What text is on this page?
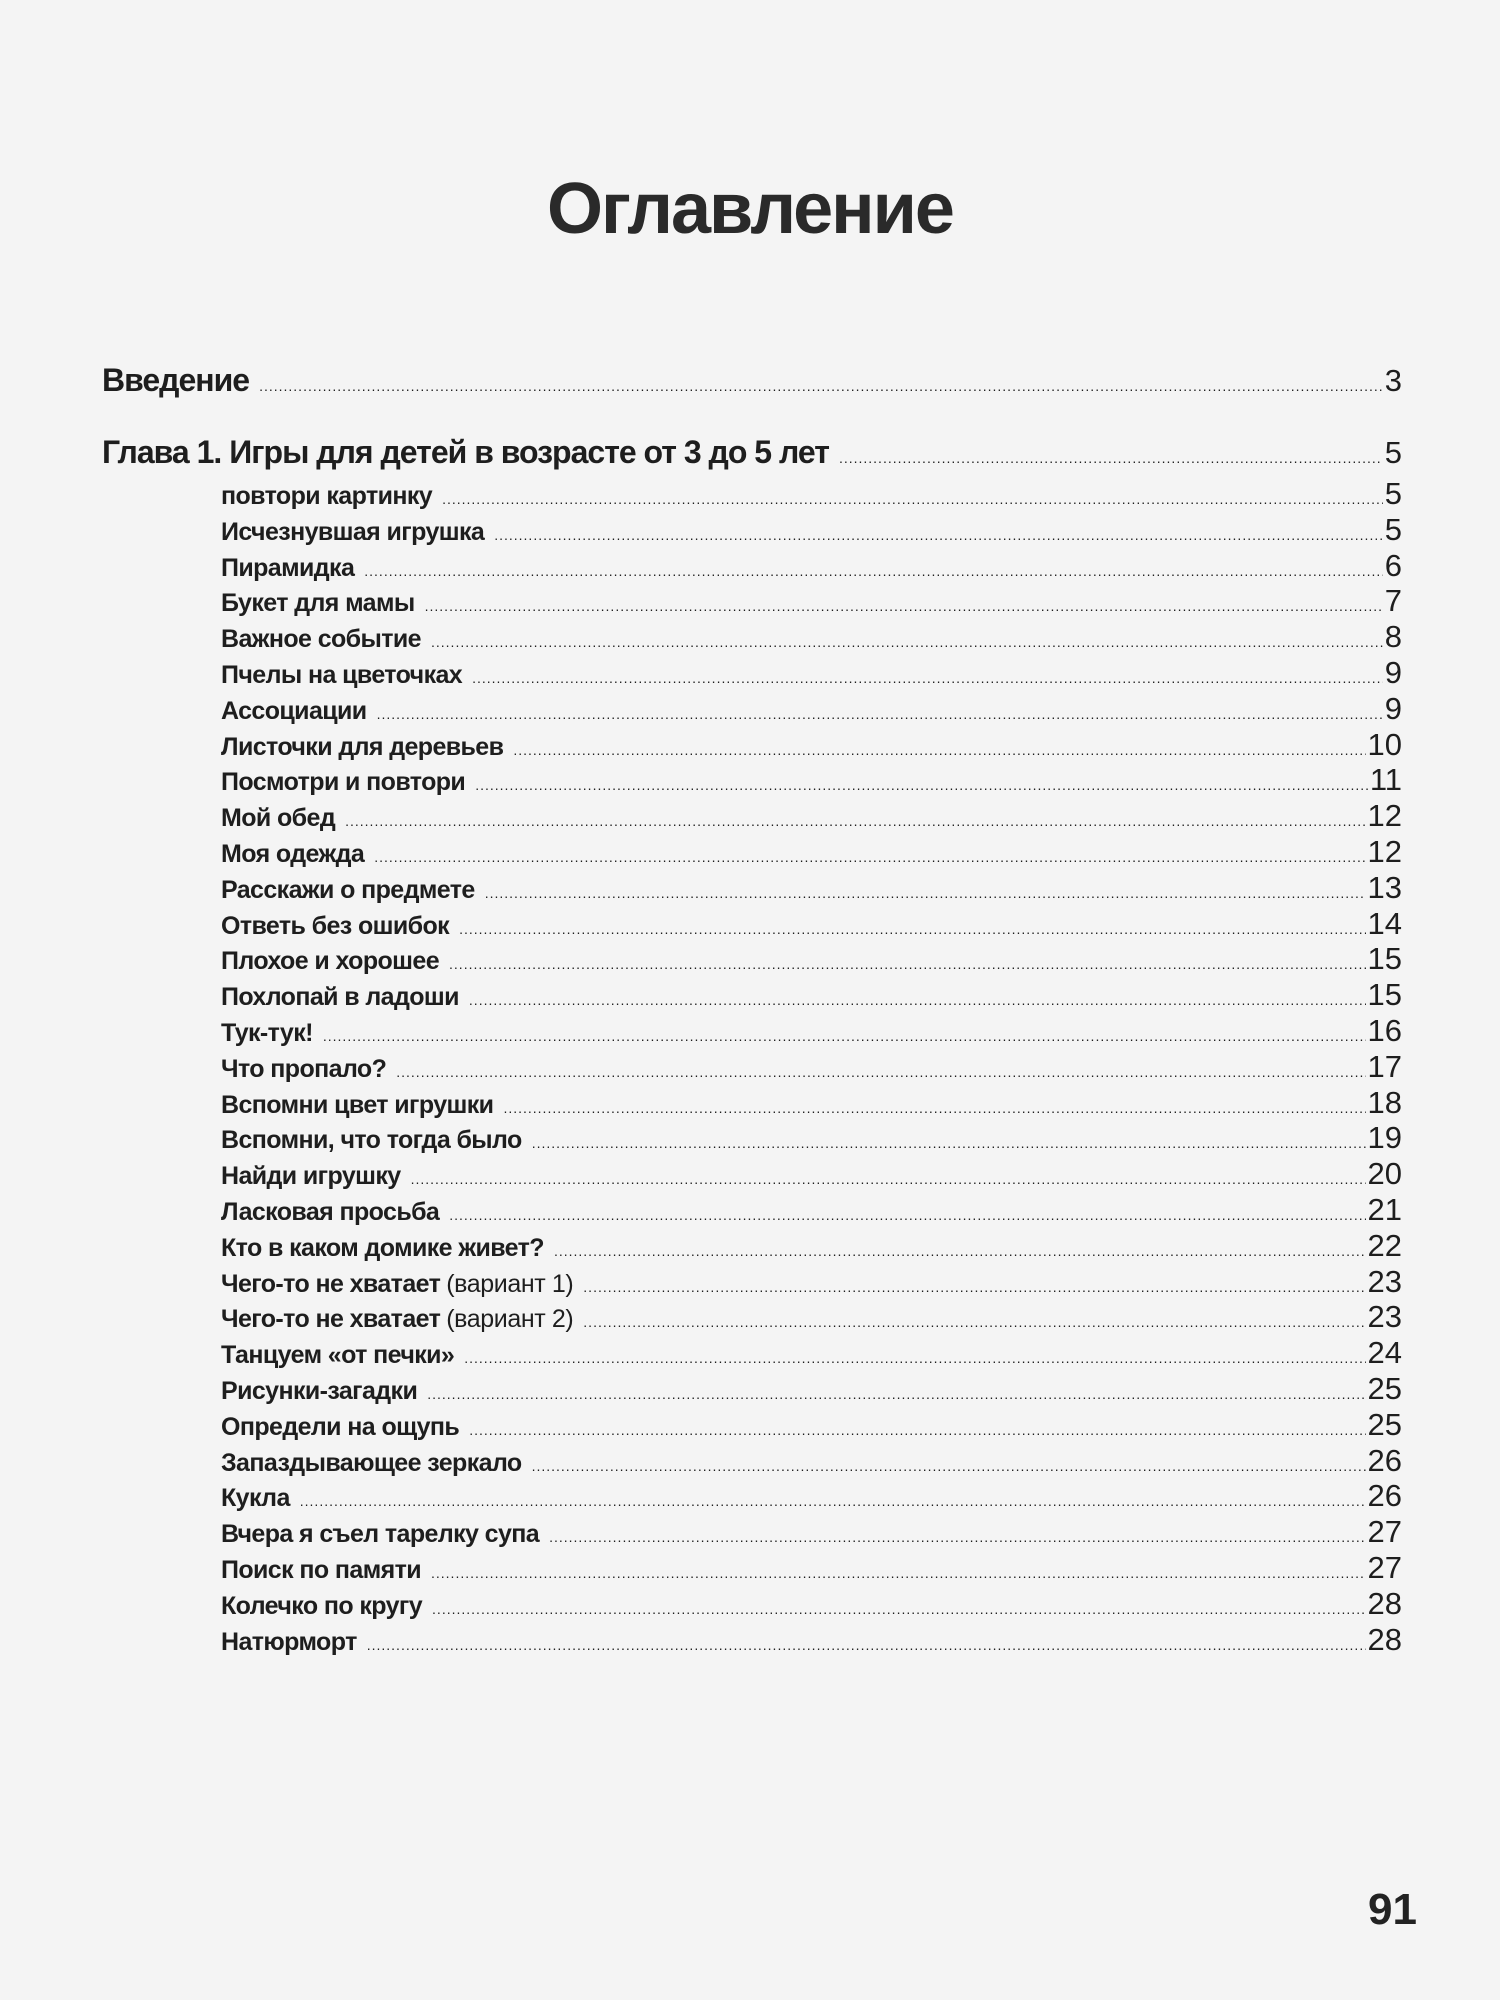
Оглавление
Введение .....	3
Глава 1. Игры для детей в возрасте от 3 до 5 лет .....	5
повтори картинку .....	5
Исчезнувшая игрушка .....	5
Пирамидка .....	6
Букет для мамы .....	7
Важное событие .....	8
Пчелы на цветочках .....	9
Ассоциации .....	9
Листочки для деревьев .....	10
Посмотри и повтори .....	11
Мой обед .....	12
Моя одежда .....	12
Расскажи о предмете .....	13
Ответь без ошибок .....	14
Плохое и хорошее .....	15
Похлопай в ладоши .....	15
Тук-тук! .....	16
Что пропало? .....	17
Вспомни цвет игрушки .....	18
Вспомни, что тогда было .....	19
Найди игрушку .....	20
Ласковая просьба .....	21
Кто в каком домике живет? .....	22
Чего-то не хватает (вариант 1) .....	23
Чего-то не хватает (вариант 2) .....	23
Танцуем «от печки» .....	24
Рисунки-загадки .....	25
Определи на ощупь .....	25
Запаздывающее зеркало .....	26
Кукла .....	26
Вчера я съел тарелку супа .....	27
Поиск по памяти .....	27
Колечко по кругу .....	28
Натюрморт .....	28
91
